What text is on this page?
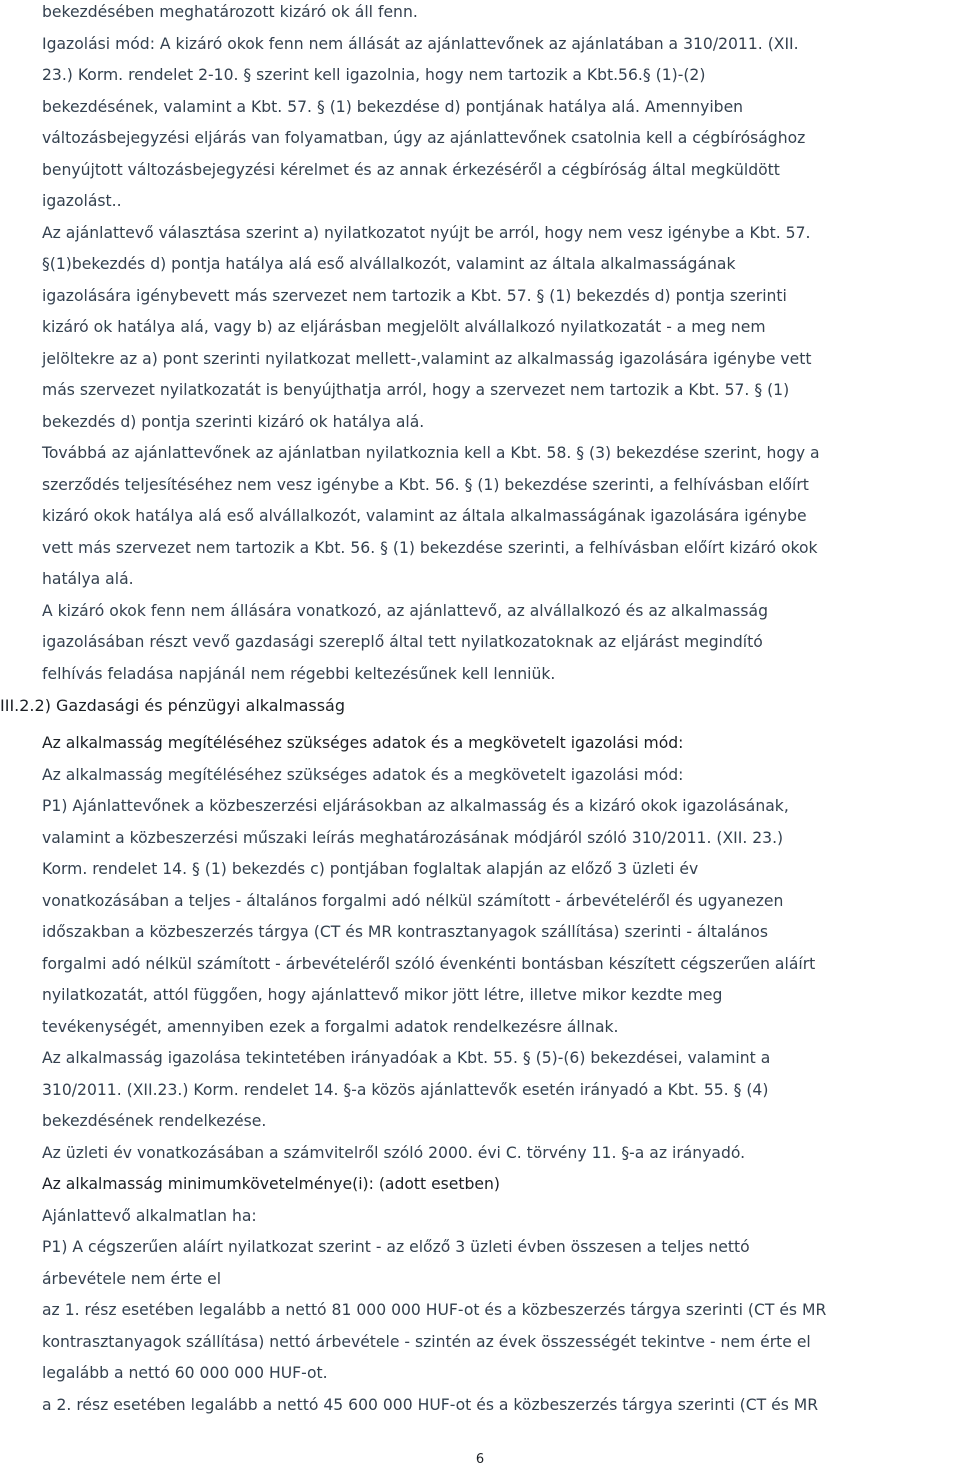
bekezdésében meghatározott kizáró ok áll fenn.
Igazolási mód: A kizáró okok fenn nem állását az ajánlattevőnek az ajánlatában a 310/2011. (XII.
23.) Korm. rendelet 2-10. § szerint kell igazolnia, hogy nem tartozik a Kbt.56.§ (1)-(2)
bekezdésének, valamint a Kbt. 57. § (1) bekezdése d) pontjának hatálya alá. Amennyiben
változásbejegyzési eljárás van folyamatban, úgy az ajánlattevőnek csatolnia kell a cégbírósághoz
benyújtott változásbejegyzési kérelmet és az annak érkezéséről a cégbíróság által megküldött
igazolást..
Az ajánlattevő választása szerint a) nyilatkozatot nyújt be arról, hogy nem vesz igénybe a Kbt. 57.
§(1)bekezdés d) pontja hatálya alá eső alvállalkozót, valamint az általa alkalmasságának
igazolására igénybevett más szervezet nem tartozik a Kbt. 57. § (1) bekezdés d) pontja szerinti
kizáró ok hatálya alá, vagy b) az eljárásban megjelölt alvállalkozó nyilatkozatát - a meg nem
jelöltekre az a) pont szerinti nyilatkozat mellett-,valamint az alkalmasság igazolására igénybe vett
más szervezet nyilatkozatát is benyújthatja arról, hogy a szervezet nem tartozik a Kbt. 57. § (1)
bekezdés d) pontja szerinti kizáró ok hatálya alá.
Továbbá az ajánlattevőnek az ajánlatban nyilatkoznia kell a Kbt. 58. § (3) bekezdése szerint, hogy a
szerződés teljesítéséhez nem vesz igénybe a Kbt. 56. § (1) bekezdése szerinti, a felhívásban előírt
kizáró okok hatálya alá eső alvállalkozót, valamint az általa alkalmasságának igazolására igénybe
vett más szervezet nem tartozik a Kbt. 56. § (1) bekezdése szerinti, a felhívásban előírt kizáró okok
hatálya alá.
A kizáró okok fenn nem állására vonatkozó, az ajánlattevő, az alvállalkozó és az alkalmasság
igazolásában részt vevő gazdasági szereplő által tett nyilatkozatoknak az eljárást megindító
felhívás feladása napjánál nem régebbi keltezésűnek kell lenniük.
III.2.2) Gazdasági és pénzügyi alkalmasság
Az alkalmasság megítéléséhez szükséges adatok és a megkövetelt igazolási mód:
Az alkalmasság megítéléséhez szükséges adatok és a megkövetelt igazolási mód:
P1) Ajánlattevőnek a közbeszerzési eljárásokban az alkalmasság és a kizáró okok igazolásának,
valamint a közbeszerzési műszaki leírás meghatározásának módjáról szóló 310/2011. (XII. 23.)
Korm. rendelet 14. § (1) bekezdés c) pontjában foglaltak alapján az előző 3 üzleti év
vonatkozásában a teljes - általános forgalmi adó nélkül számított - árbevételéről és ugyanezen
időszakban a közbeszerzés tárgya (CT és MR kontrasztanyagok szállítása) szerinti - általános
forgalmi adó nélkül számított - árbevételéről szóló évenkénti bontásban készített cégszerűen aláírt
nyilatkozatát, attól függően, hogy ajánlattevő mikor jött létre, illetve mikor kezdte meg
tevékenységét, amennyiben ezek a forgalmi adatok rendelkezésre állnak.
Az alkalmasság igazolása tekintetében irányadóak a Kbt. 55. § (5)-(6) bekezdései, valamint a
310/2011. (XII.23.) Korm. rendelet 14. §-a közös ajánlattevők esetén irányadó a Kbt. 55. § (4)
bekezdésének rendelkezése.
Az üzleti év vonatkozásában a számvitelről szóló 2000. évi C. törvény 11. §-a az irányadó.
Az alkalmasság minimumkövetelménye(i): (adott esetben)
Ajánlattevő alkalmatlan ha:
P1) A cégszerűen aláírt nyilatkozat szerint - az előző 3 üzleti évben összesen a teljes nettó
árbevétele nem érte el
az 1. rész esetében legalább a nettó 81 000 000 HUF-ot és a közbeszerzés tárgya szerinti (CT és MR
kontrasztanyagok szállítása) nettó árbevétele - szintén az évek összességét tekintve - nem érte el
legalább a nettó 60 000 000 HUF-ot.
a 2. rész esetében legalább a nettó 45 600 000 HUF-ot és a közbeszerzés tárgya szerinti (CT és MR
6
